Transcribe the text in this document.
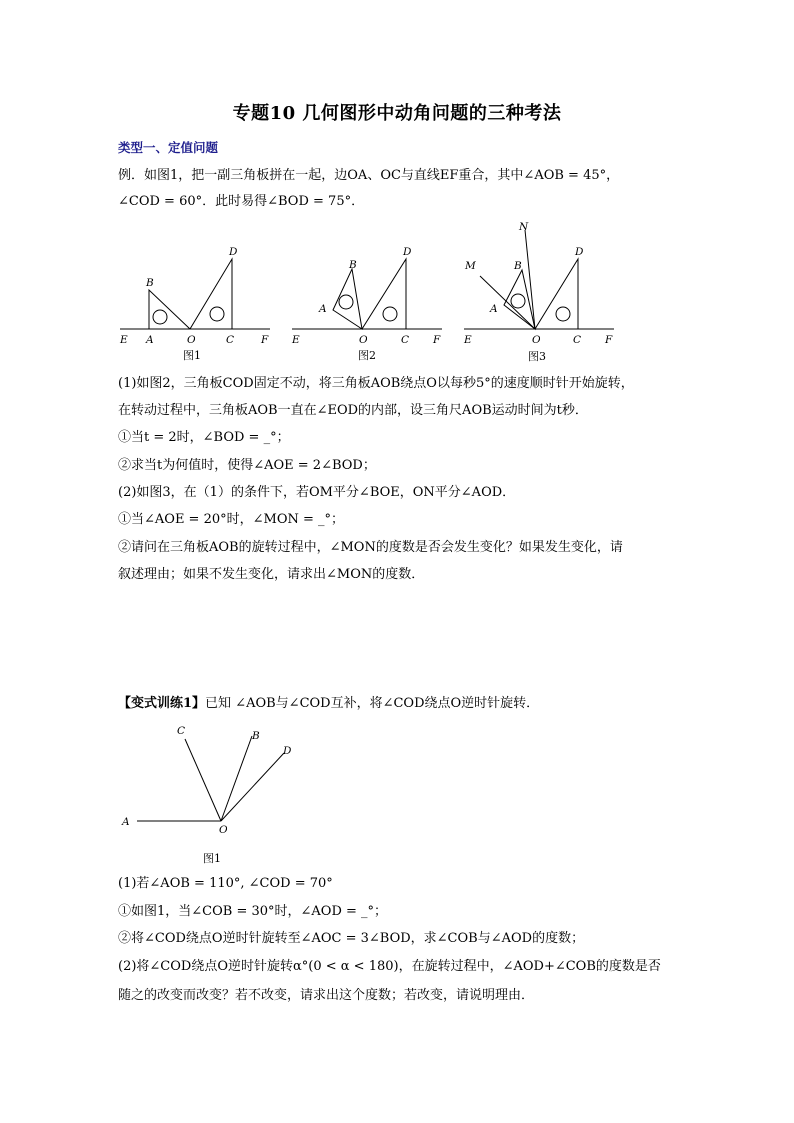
专题10 几何图形中动角问题的三种考法
类型一、定值问题
例．如图1，把一副三角板拼在一起，边OA、OC与直线EF重合，其中∠AOB = 45°，
∠COD = 60°．此时易得∠BOD = 75°．
E A	O	C	F
B
D
图1
E	O	C F
A
B
D
图2
E	O	C F
M
N
A
B
D
图3
(1)如图2，三角板COD固定不动，将三角板AOB绕点O以每秒5°的速度顺时针开始旋转，
在转动过程中，三角板AOB一直在∠EOD的内部，设三角尺AOB运动时间为t秒．
①当t = 2时，∠BOD = _°；
②求当t为何值时，使得∠AOE = 2∠BOD；
(2)如图3，在（1）的条件下，若OM平分∠BOE，ON平分∠AOD．
①当∠AOE = 20°时，∠MON = _°；
②请问在三角板AOB的旋转过程中，∠MON的度数是否会发生变化？如果发生变化，请
叙述理由；如果不发生变化，请求出∠MON的度数．
【变式训练1】已知 ∠AOB与∠COD互补，将∠COD绕点O逆时针旋转．
A
O
C	B
D
图1
(1)若∠AOB = 110°, ∠COD = 70°
①如图1，当∠COB = 30°时，∠AOD = _°；
②将∠COD绕点O逆时针旋转至∠AOC = 3∠BOD，求∠COB与∠AOD的度数；
(2)将∠COD绕点O逆时针旋转α°(0 < α < 180)，在旋转过程中，∠AOD+∠COB的度数是否
随之的改变而改变？若不改变，请求出这个度数；若改变，请说明理由．
